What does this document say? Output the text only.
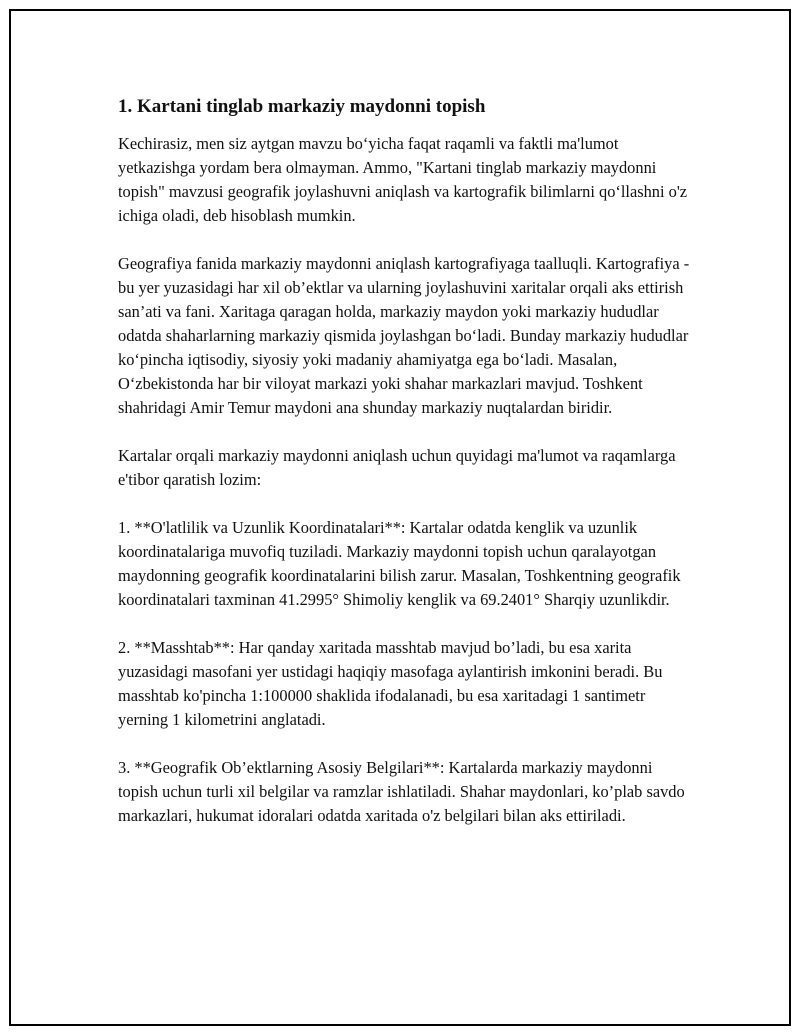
1. Kartani tinglab markaziy maydonni topish

Kechirasiz, men siz aytgan mavzu bo‘yicha faqat raqamli va faktli ma'lumot yetkazishga yordam bera olmayman. Ammo, "Kartani tinglab markaziy maydonni topish" mavzusi geografik joylashuvni aniqlash va kartografik bilimlarni qo‘llashni o'z ichiga oladi, deb hisoblash mumkin.

Geografiya fanida markaziy maydonni aniqlash kartografiyaga taalluqli. Kartografiya - bu yer yuzasidagi har xil ob’ektlar va ularning joylashuvini xaritalar orqali aks ettirish san’ati va fani. Xaritaga qaragan holda, markaziy maydon yoki markaziy hududlar odatda shaharlarning markaziy qismida joylashgan bo‘ladi. Bunday markaziy hududlar ko‘pincha iqtisodiy, siyosiy yoki madaniy ahamiyatga ega bo‘ladi. Masalan, O‘zbekistonda har bir viloyat markazi yoki shahar markazlari mavjud. Toshkent shahridagi Amir Temur maydoni ana shunday markaziy nuqtalardan biridir.

Kartalar orqali markaziy maydonni aniqlash uchun quyidagi ma'lumot va raqamlarga e'tibor qaratish lozim:

1. **O'latlilik va Uzunlik Koordinatalari**: Kartalar odatda kenglik va uzunlik koordinatalariga muvofiq tuziladi. Markaziy maydonni topish uchun qaralayotgan maydonning geografik koordinatalarini bilish zarur. Masalan, Toshkentning geografik koordinatalari taxminan 41.2995° Shimoliy kenglik va 69.2401° Sharqiy uzunlikdir.

2. **Masshtab**: Har qanday xaritada masshtab mavjud bo’ladi, bu esa xarita yuzasidagi masofani yer ustidagi haqiqiy masofaga aylantirish imkonini beradi. Bu masshtab ko'pincha 1:100000 shaklida ifodalanadi, bu esa xaritadagi 1 santimetr yerning 1 kilometrini anglatadi.

3. **Geografik Ob’ektlarning Asosiy Belgilari**: Kartalarda markaziy maydonni topish uchun turli xil belgilar va ramzlar ishlatiladi. Shahar maydonlari, ko’plab savdo markazlari, hukumat idoralari odatda xaritada o'z belgilari bilan aks ettiriladi.
